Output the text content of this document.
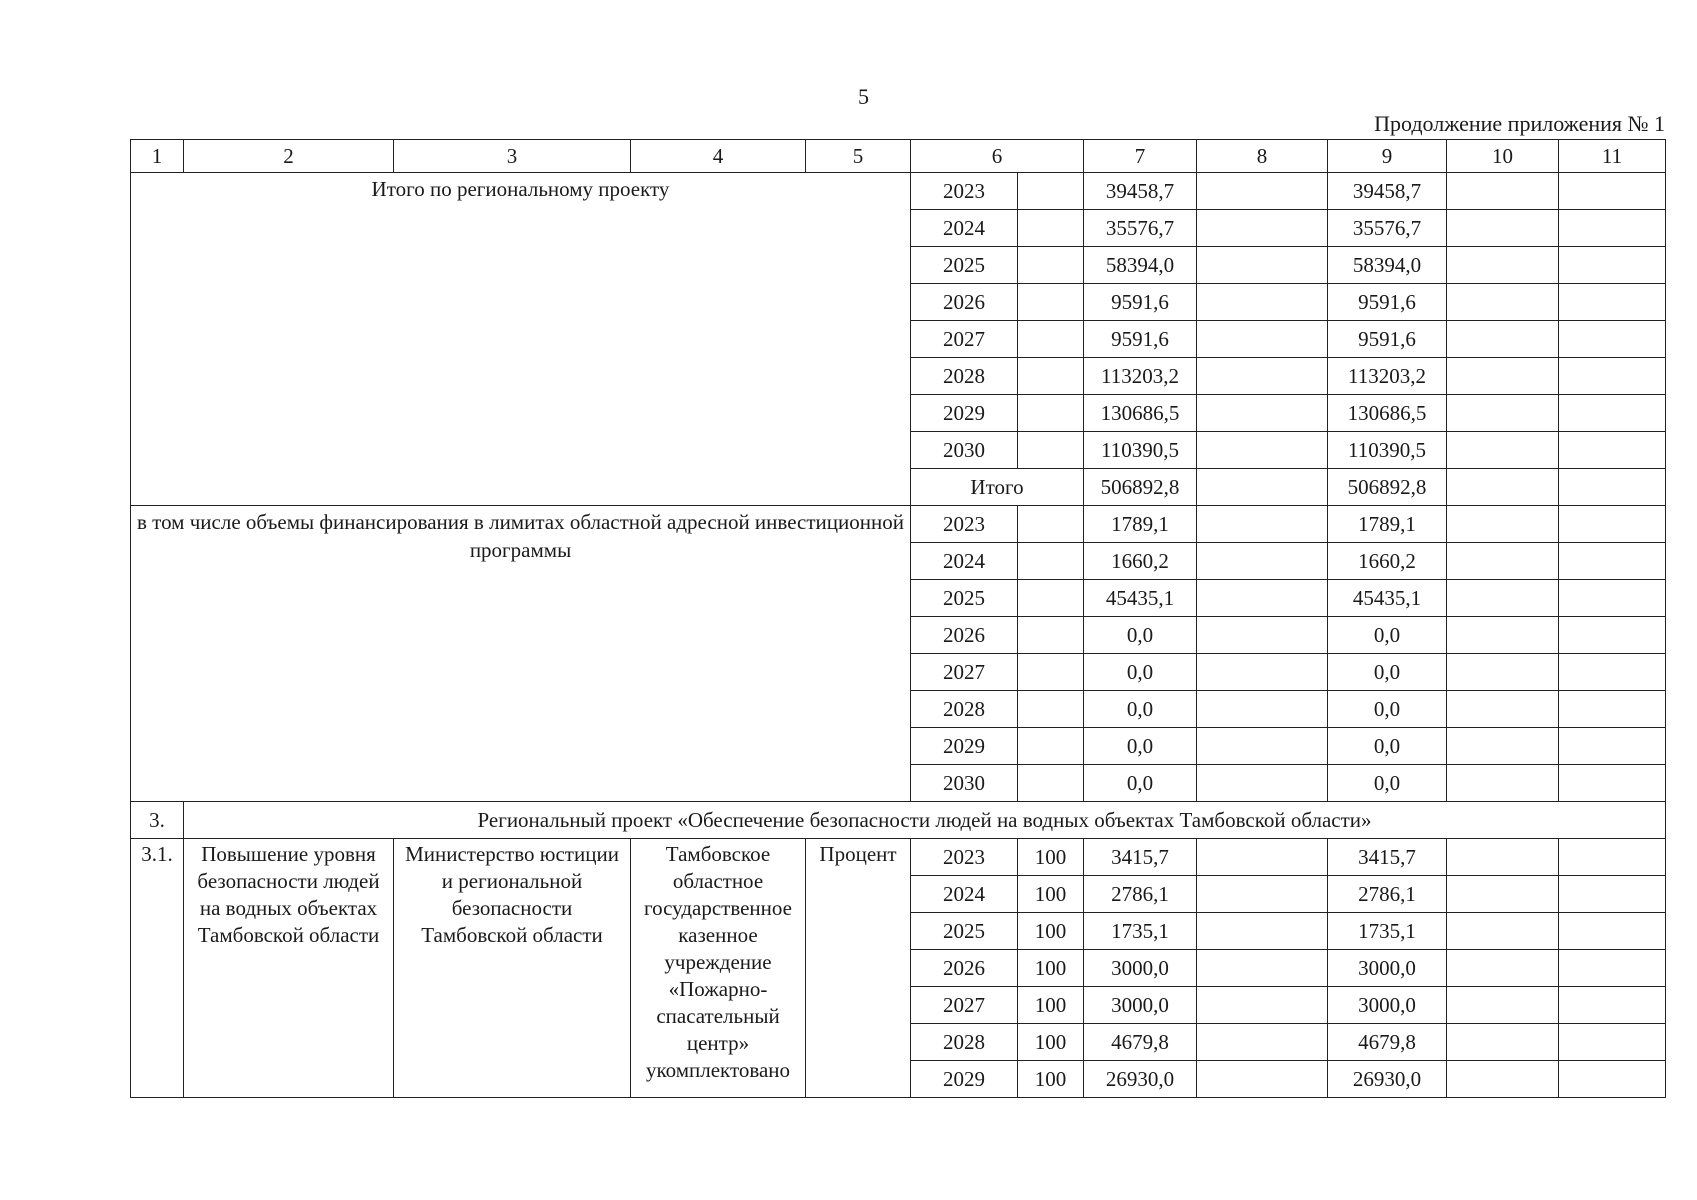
5
Продолжение приложения № 1
1	2	3	4	5	6		7	8	9	10	11
Итого по региональному проекту					2023		39458,7		39458,7		
					2024		35576,7		35576,7		
					2025		58394,0		58394,0		
					2026		9591,6		9591,6		
					2027		9591,6		9591,6		
					2028		113203,2		113203,2		
					2029		130686,5		130686,5		
					2030		110390,5		110390,5		
					Итого		506892,8		506892,8		
в том числе объемы финансирования в лимитах областной адресной инвестиционной программы					2023		1789,1		1789,1		
					2024		1660,2		1660,2		
					2025		45435,1		45435,1		
					2026		0,0		0,0		
					2027		0,0		0,0		
					2028		0,0		0,0		
					2029		0,0		0,0		
					2030		0,0		0,0		
3.	Региональный проект «Обеспечение безопасности людей на водных объектах Тамбовской области»										
3.1.	Повышение уровня безопасности людей на водных объектах Тамбовской области	Министерство юстиции и региональной безопасности Тамбовской области	Тамбовское областное государственное казенное учреждение «Пожарно-спасательный центр» укомплектовано	Процент	2023	100	3415,7		3415,7		
					2024	100	2786,1		2786,1		
					2025	100	1735,1		1735,1		
					2026	100	3000,0		3000,0		
					2027	100	3000,0		3000,0		
					2028	100	4679,8		4679,8		
					2029	100	26930,0		26930,0		
